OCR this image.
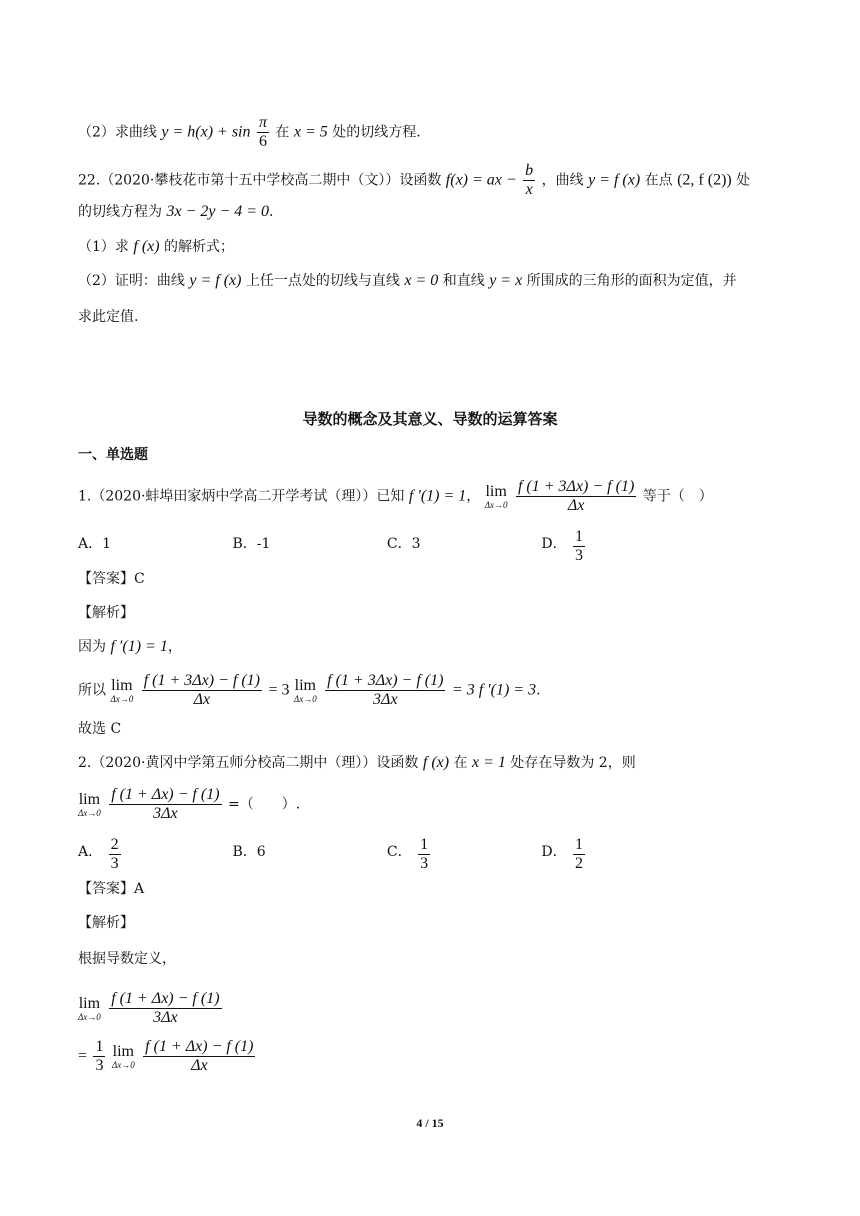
（2）求曲线 $y = h(x) + \sin \frac{\pi}{6}$ 在 x = 5 处的切线方程.
22.（2020·攀枝花市第十五中学校高二期中（文））设函数 f(x) = ax − $\frac{b}{x}$ ，曲线 y = f (x) 在点 (2, f (2)) 处
的切线方程为 3x − 2y − 4 = 0.
（1）求 f (x) 的解析式；
（2）证明：曲线 y = f (x) 上任一点处的切线与直线 x = 0 和直线 y = x 所围成的三角形的面积为定值，并
求此定值.
导数的概念及其意义、导数的运算答案
一、单选题
1.（2020·蚌埠田家炳中学高二开学考试（理））已知 f ′(1) = 1， lim
Δx→0
$\frac{f (1 + 3\Delta x) - f (1)}{\Delta x}$ 等于（　）
A．1	B．-1	C．3	D． $\frac{1}{3}$
【答案】C
【解析】
因为 f ′(1) = 1，
所以 lim
Δx→0
$\frac{f (1 + 3\Delta x) - f (1)}{\Delta x} = 3$ lim
Δx→0
$\frac{f (1 + 3\Delta x) - f (1)}{3\Delta x} = 3$ f ′(1) = 3.
故选 C
2.（2020·黄冈中学第五师分校高二期中（理））设函数 f (x) 在 x = 1 处存在导数为 2，则
lim
Δx→0
$\frac{f (1 + \Delta x) - f (1)}{3\Delta x}$ =（　　）.
A． $\frac{2}{3}$	B．6	C． $\frac{1}{3}$	D． $\frac{1}{2}$
【答案】A
【解析】
根据导数定义，
lim
Δx→0
$\frac{f (1 + \Delta x) - f (1)}{3\Delta x}$
= $\frac{1}{3}$
lim
Δx→0
$\frac{f (1 + \Delta x) - f (1)}{\Delta x}$
4 / 15
